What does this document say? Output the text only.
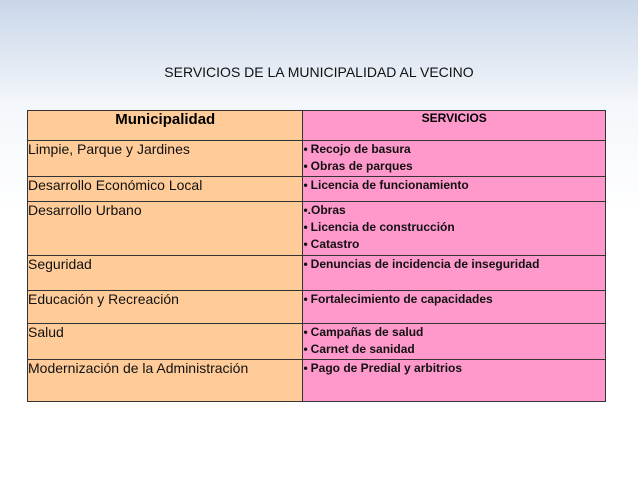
SERVICIOS DE LA MUNICIPALIDAD AL VECINO
Municipalidad	SERVICIOS
Limpie, Parque y Jardines	• Recojo de basura
• Obras de parques

Desarrollo Económico Local	• Licencia de funcionamiento

Desarrollo Urbano	•.Obras
• Licencia de construcción
• Catastro

Seguridad	• Denuncias de incidencia de inseguridad

Educación y Recreación	• Fortalecimiento de capacidades

Salud	• Campañas de salud
• Carnet de sanidad

Modernización de la Administración	• Pago de Predial y arbitrios
